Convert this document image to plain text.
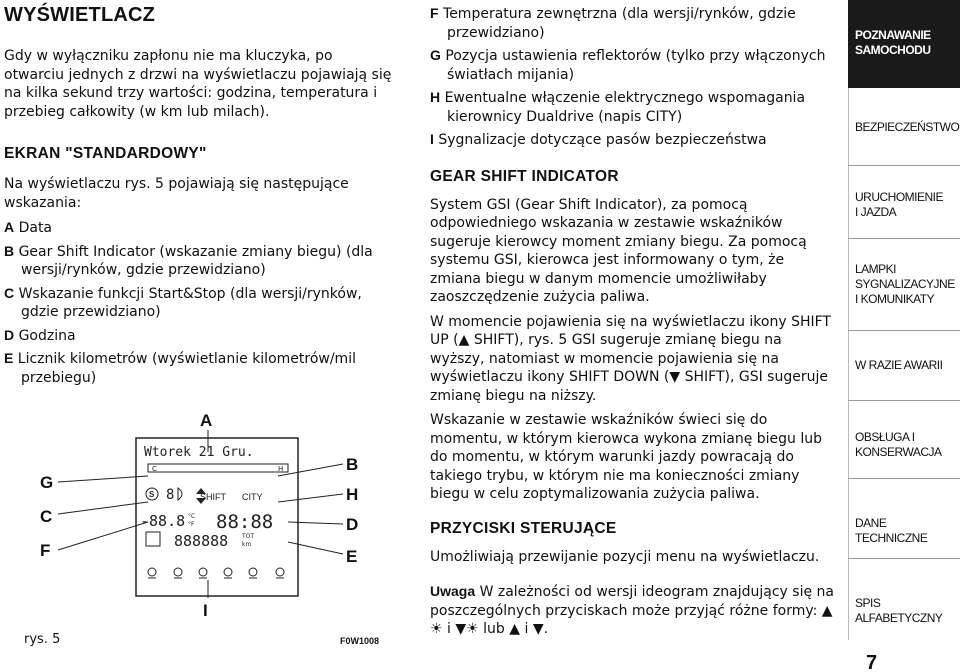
WYŚWIETLACZ

Gdy w wyłączniku zapłonu nie ma kluczyka, po otwarciu jednych z drzwi na wyświetlaczu pojawiają się na kilka sekund trzy wartości: godzina, temperatura i przebieg całkowity (w km lub milach).

EKRAN "STANDARDOWY"

Na wyświetlaczu rys. 5 pojawiają się następujące wskazania:

A Data
B Gear Shift Indicator (wskazanie zmiany biegu) (dla wersji/rynków, gdzie przewidziano)
C Wskazanie funkcji Start&Stop (dla wersji/rynków, gdzie przewidziano)
D Godzina
E Licznik kilometrów (wyświetlanie kilometrów/mil przebiegu)
Wtorek 21 Gru.
C	H
S 8	SHIFT CITY
-88.8 °C
°F 88:88
888888 TOT
km
A
B
H
D
E
G
C
F
I
rys. 5	F0W1008
F Temperatura zewnętrzna (dla wersji/rynków, gdzie przewidziano)
G Pozycja ustawienia reflektorów (tylko przy włączonych światłach mijania)
H Ewentualne włączenie elektrycznego wspomagania kierownicy Dualdrive (napis CITY)
I Sygnalizacje dotyczące pasów bezpieczeństwa
GEAR SHIFT INDICATOR

System GSI (Gear Shift Indicator), za pomocą odpowiedniego wskazania w zestawie wskaźników sugeruje kierowcy moment zmiany biegu. Za pomocą systemu GSI, kierowca jest informowany o tym, że zmiana biegu w danym momencie umożliwiłaby zaoszczędzenie zużycia paliwa.

W momencie pojawienia się na wyświetlaczu ikony SHIFT UP (▲ SHIFT), rys. 5 GSI sugeruje zmianę biegu na wyższy, natomiast w momencie pojawienia się na wyświetlaczu ikony SHIFT DOWN (▼ SHIFT), GSI sugeruje zmianę biegu na niższy.

Wskazanie w zestawie wskaźników świeci się do momentu, w którym kierowca wykona zmianę biegu lub do momentu, w którym warunki jazdy powracają do takiego trybu, w którym nie ma konieczności zmiany biegu w celu zoptymalizowania zużycia paliwa.

PRZYCISKI STERUJĄCE

Umożliwiają przewijanie pozycji menu na wyświetlaczu.

Uwaga W zależności od wersji ideogram znajdujący się na poszczególnych przyciskach może przyjąć różne formy: ▲☀ i ▼☀ lub ▲ i ▼.

POZNAWANIE SAMOCHODU
BEZPIECZEŃSTWO
URUCHOMIENIE I JAZDA
LAMPKI SYGNALIZACYJNE I KOMUNIKATY
W RAZIE AWARII
OBSŁUGA I KONSERWACJA
DANE TECHNICZNE
SPIS ALFABETYCZNY
7
